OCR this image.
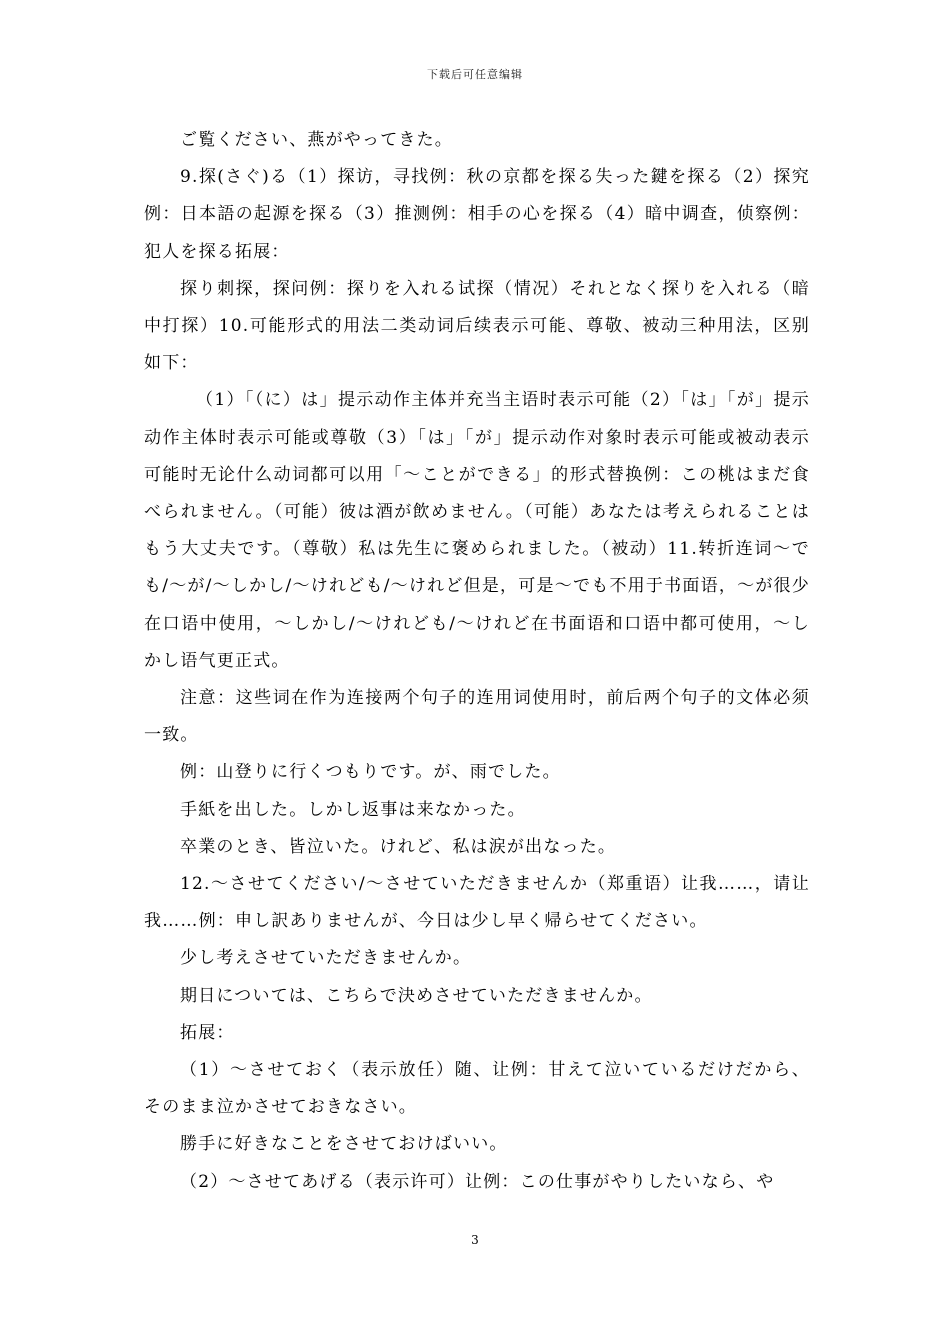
下载后可任意编辑

ご覧ください、燕がやってきた。

9.探(さぐ)る（1）探访，寻找例：秋の京都を探る失った鍵を探る（2）探究例：日本語の起源を探る（3）推测例：相手の心を探る（4）暗中调查，侦察例：犯人を探る拓展：

探り刺探，探问例：探りを入れる试探（情况）それとなく探りを入れる（暗中打探）10.可能形式的用法二类动词后续表示可能、尊敬、被动三种用法，区别如下：

（1）「（に）は」提示动作主体并充当主语时表示可能（2）「は」「が」提示动作主体时表示可能或尊敬（3）「は」「が」提示动作对象时表示可能或被动表示可能时无论什么动词都可以用「～ことができる」的形式替换例：この桃はまだ食べられません。（可能）彼は酒が飲めません。（可能）あなたは考えられることはもう大丈夫です。（尊敬）私は先生に褒められました。（被动）11.转折连词～でも/～が/～しかし/～けれども/～けれど但是，可是～でも不用于书面语，～が很少在口语中使用，～しかし/～けれども/～けれど在书面语和口语中都可使用，～しかし语气更正式。

注意：这些词在作为连接两个句子的连用词使用时，前后两个句子的文体必须一致。

例：山登りに行くつもりです。が、雨でした。

手紙を出した。しかし返事は来なかった。

卒業のとき、皆泣いた。けれど、私は涙が出なった。

12.～させてください/～させていただきませんか（郑重语）让我……，请让我……例：申し訳ありませんが、今日は少し早く帰らせてください。

少し考えさせていただきませんか。

期日については、こちらで決めさせていただきませんか。

拓展：

（1）～させておく（表示放任）随、让例：甘えて泣いているだけだから、そのまま泣かさせておきなさい。

勝手に好きなことをさせておけばいい。

（2）～させてあげる（表示许可）让例：この仕事がやりしたいなら、や

3
